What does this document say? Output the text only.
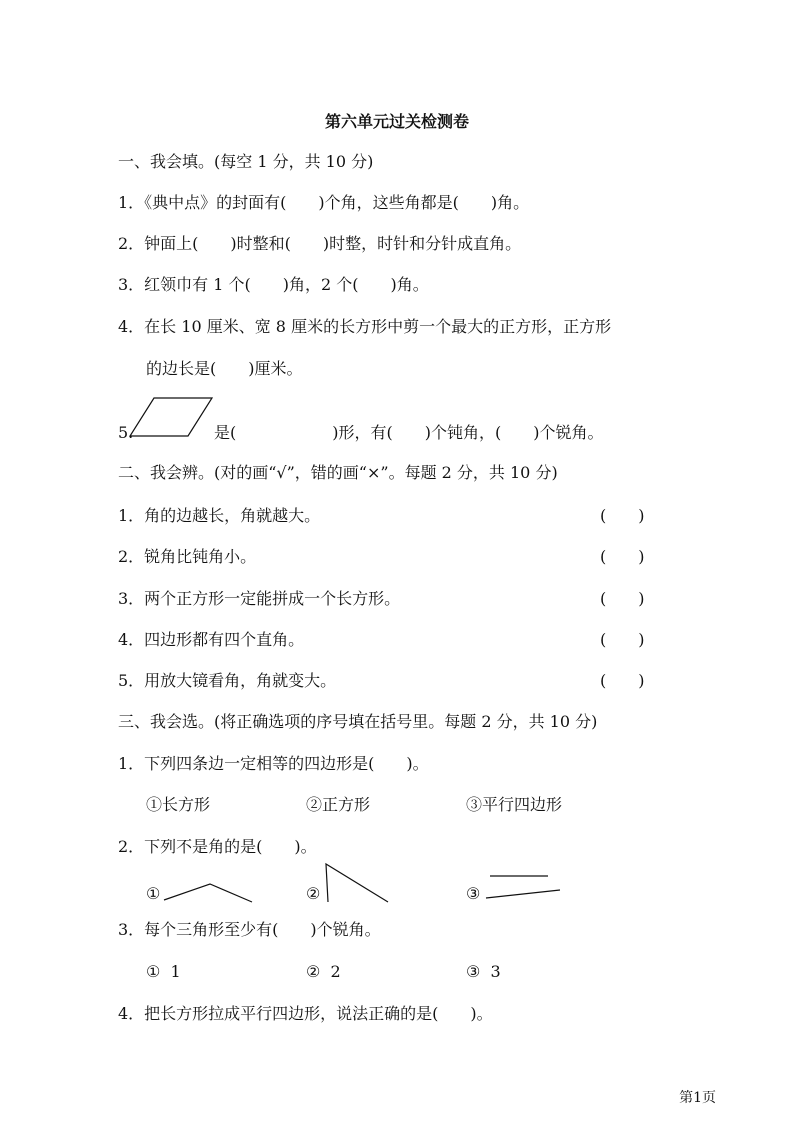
第六单元过关检测卷
一、我会填。(每空 1 分，共 10 分)
1．《典中点》的封面有(　　)个角，这些角都是(　　)角。
2．钟面上(　　)时整和(　　)时整，时针和分针成直角。
3．红领巾有 1 个(　　)角，2 个(　　)角。
4．在长 10 厘米、宽 8 厘米的长方形中剪一个最大的正方形，正方形
的边长是(　　)厘米。
5.	是(　　　　　　)形，有(　　)个钝角，(　　)个锐角。
二、我会辨。(对的画“√”，错的画“×”。每题 2 分，共 10 分)
1．角的边越长，角就越大。	(　　)
2．锐角比钝角小。	(　　)
3．两个正方形一定能拼成一个长方形。	(　　)
4．四边形都有四个直角。	(　　)
5．用放大镜看角，角就变大。	(　　)
三、我会选。(将正确选项的序号填在括号里。每题 2 分，共 10 分)
1．下列四条边一定相等的四边形是(　　)。
①长方形	②正方形	③平行四边形
2．下列不是角的是(　　)。
①	②	③
3．每个三角形至少有(　　)个锐角。
①  1	②  2	③  3
4．把长方形拉成平行四边形，说法正确的是(　　)。
第1页
